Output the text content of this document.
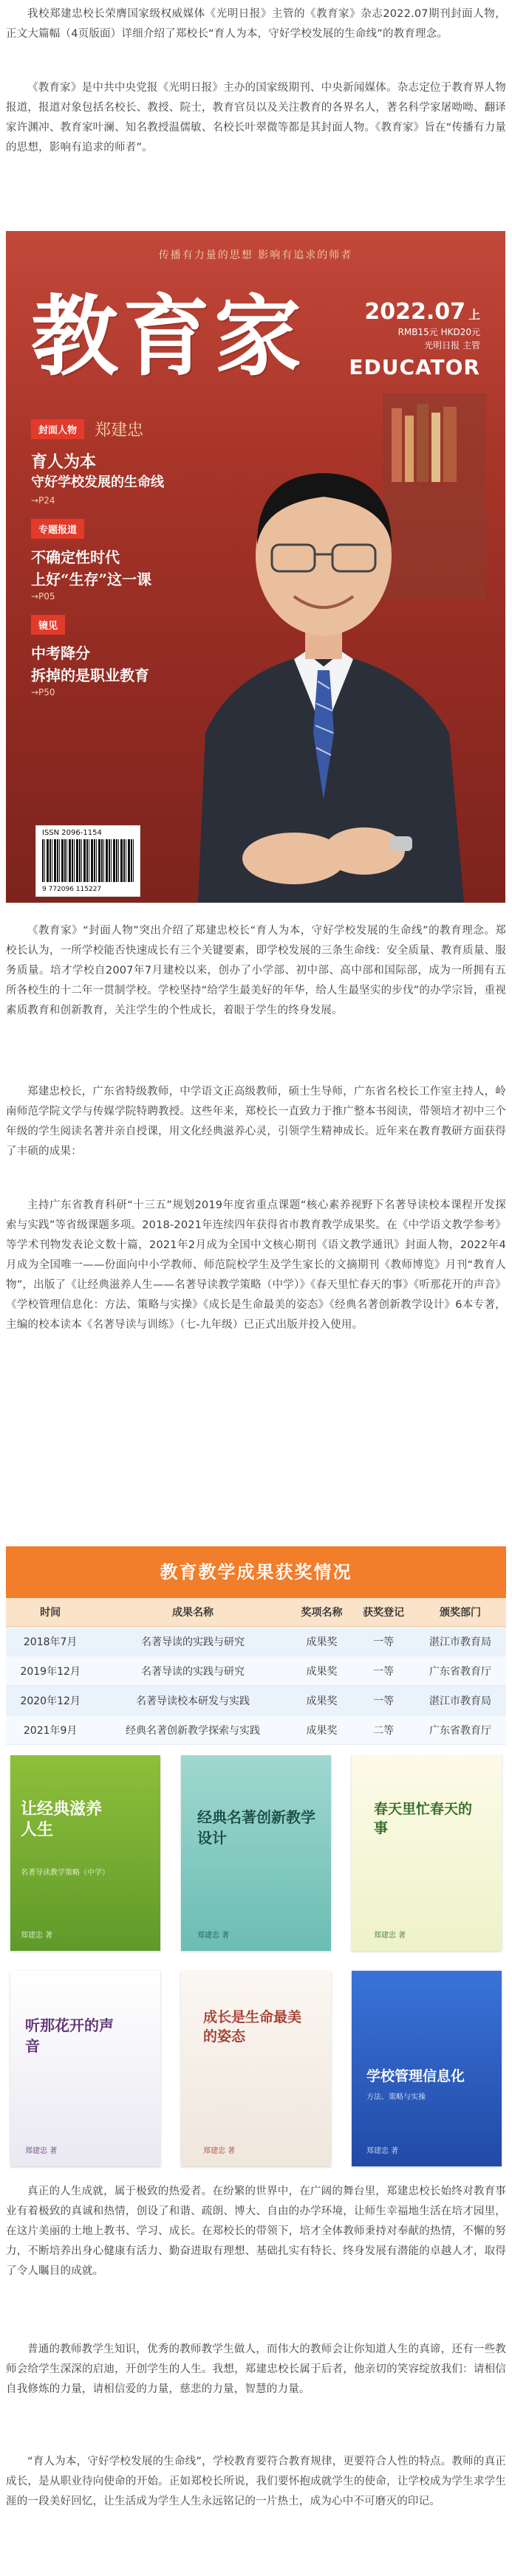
我校郑建忠校长荣膺国家级权威媒体《光明日报》主管的《教育家》杂志2022.07期刊封面人物，正文大篇幅（4页版面）详细介绍了郑校长“育人为本，守好学校发展的生命线”的教育理念。

《教育家》是中共中央党报《光明日报》主办的国家级期刊、中央新闻媒体。杂志定位于教育界人物报道，报道对象包括名校长、教授、院士，教育官员以及关注教育的各界名人，著名科学家屠呦呦、翻译家许渊冲、教育家叶澜、知名教授温儒敏、名校长叶翠微等都是其封面人物。《教育家》旨在“传播有力量的思想，影响有追求的师者”。

传播有力量的思想 影响有追求的师者
教育家	2022.07 上
RMB15元 HKD20元
光明日报 主管
EDUCATOR
封面人物	郑建忠
育人为本
守好学校发展的生命线
→P24
专题报道
不确定性时代
上好“生存”这一课
→P05
镜见
中考降分
拆掉的是职业教育
→P50
ISSN 2096-1154
9 772096 115227

《教育家》“封面人物”突出介绍了郑建忠校长“育人为本，守好学校发展的生命线”的教育理念。郑校长认为，一所学校能否快速成长有三个关键要素，即学校发展的三条生命线：安全质量、教育质量、服务质量。培才学校自2007年7月建校以来，创办了小学部、初中部、高中部和国际部，成为一所拥有五所各校生的十二年一贯制学校。学校坚持“给学生最美好的年华，给人生最坚实的步伐”的办学宗旨，重视素质教育和创新教育，关注学生的个性成长，着眼于学生的终身发展。

郑建忠校长，广东省特级教师，中学语文正高级教师，硕士生导师，广东省名校长工作室主持人，岭南师范学院文学与传媒学院特聘教授。这些年来，郑校长一直致力于推广整本书阅读，带领培才初中三个年级的学生阅读名著并亲自授课，用文化经典滋养心灵，引领学生精神成长。近年来在教育教研方面获得了丰硕的成果：

主持广东省教育科研“十三五”规划2019年度省重点课题“核心素养视野下名著导读校本课程开发探索与实践”等省级课题多项。2018-2021年连续四年获得省市教育教学成果奖。在《中学语文教学参考》等学术刊物发表论文数十篇，2021年2月成为全国中文核心期刊《语文教学通讯》封面人物，2022年4月成为全国唯一——份面向中小学教师、师范院校学生及学生家长的文摘期刊《教师博览》月刊“教育人物”，出版了《让经典滋养人生——名著导读教学策略（中学）》《春天里忙春天的事》《听那花开的声音》《学校管理信息化：方法、策略与实操》《成长是生命最美的姿态》《经典名著创新教学设计》6本专著，主编的校本读本《名著导读与训练》（七-九年级）已正式出版并投入使用。

教育教学成果获奖情况
时间	成果名称	奖项名称	获奖登记	颁奖部门
2018年7月	名著导读的实践与研究	成果奖	一等	湛江市教育局
2019年12月	名著导读的实践与研究	成果奖	一等	广东省教育厅
2020年12月	名著导读校本研发与实践	成果奖	一等	湛江市教育局
2021年9月	经典名著创新教学探索与实践	成果奖	二等	广东省教育厅
让经典滋养人生
名著导读教学策略（中学）
郑建忠 著
经典名著创新教学设计
郑建忠 著
春天里忙春天的事
郑建忠 著
听那花开的声音
郑建忠 著
成长是生命最美的姿态
郑建忠 著
学校管理信息化
方法、策略与实操
郑建忠 著

真正的人生成就，属于极致的热爱者。在纷繁的世界中，在广阔的舞台里，郑建忠校长始终对教育事业有着极致的真诚和热情，创设了和谐、疏朗、博大、自由的办学环境，让师生幸福地生活在培才园里，在这片美丽的土地上教书、学习、成长。在郑校长的带领下，培才全体教师秉持对奉献的热情，不懈的努力，不断培养出身心健康有活力、勤奋进取有理想、基础扎实有特长、终身发展有潜能的卓越人才，取得了令人瞩目的成就。

普通的教师教学生知识，优秀的教师教学生做人，而伟大的教师会让你知道人生的真谛，还有一些教师会给学生深深的启迪，开创学生的人生。我想，郑建忠校长属于后者，他亲切的笑容绽放我们：请相信自我修炼的力量，请相信爱的力量，慈悲的力量，智慧的力量。

“育人为本，守好学校发展的生命线”，学校教育要符合教育规律，更要符合人性的特点。教师的真正成长，是从职业待向使命的开始。正如郑校长所说，我们要怀抱成就学生的使命，让学校成为学生求学生涯的一段美好回忆，让生活成为学生人生永远铭记的一片热土，成为心中不可磨灭的印记。
